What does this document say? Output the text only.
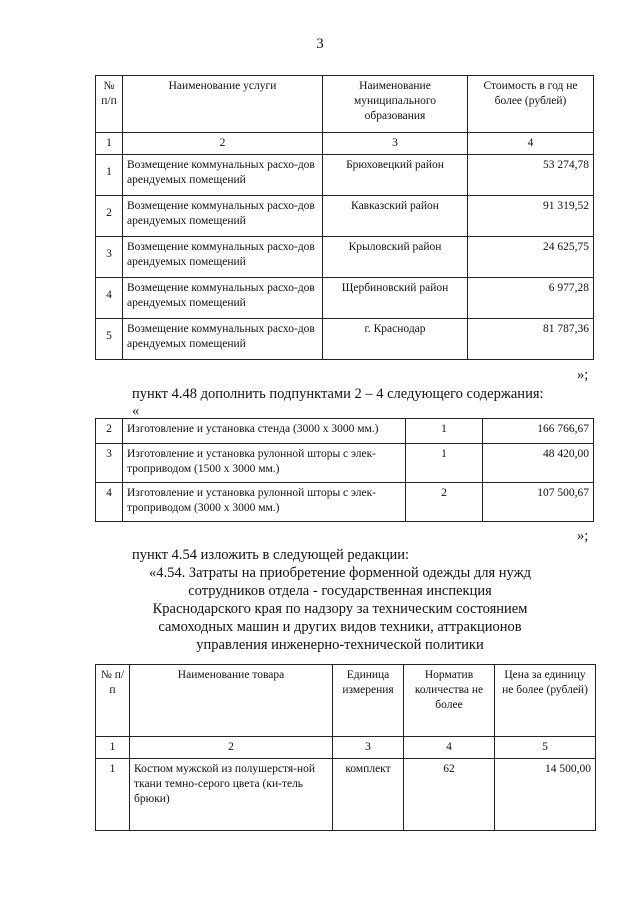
3
№ п/п	Наименование услуги	Наименование муниципального образования	Стоимость в год не более (рублей)
1	2	3	4
1	Возмещение коммунальных расхо-дов арендуемых помещений	Брюховецкий район	53 274,78
2	Возмещение коммунальных расхо-дов арендуемых помещений	Кавказский район	91 319,52
3	Возмещение коммунальных расхо-дов арендуемых помещений	Крыловский район	24 625,75
4	Возмещение коммунальных расхо-дов арендуемых помещений	Щербиновский район	6 977,28
5	Возмещение коммунальных расхо-дов арендуемых помещений	г. Краснодар	81 787,36
»;
пункт 4.48 дополнить подпунктами 2 – 4 следующего содержания:
«
2	Изготовление и установка стенда (3000 х 3000 мм.)	1	166 766,67
3	Изготовление и установка рулонной шторы с элек-троприводом (1500 х 3000 мм.)	1	48 420,00
4	Изготовление и установка рулонной шторы с элек-троприводом (3000 х 3000 мм.)	2	107 500,67
»;
пункт 4.54 изложить в следующей редакции:
«4.54. Затраты на приобретение форменной одежды для нужд
сотрудников отдела - государственная инспекция
Краснодарского края по надзору за техническим состоянием
самоходных машин и других видов техники, аттракционов
управления инженерно-технической политики
№ п/п	Наименование товара	Единица измерения	Норматив количества не более	Цена за единицу не более (рублей)
1	2	3	4	5
1	Костюм мужской из полушерстя-ной ткани темно-серого цвета (ки-тель брюки)	комплект	62	14 500,00
